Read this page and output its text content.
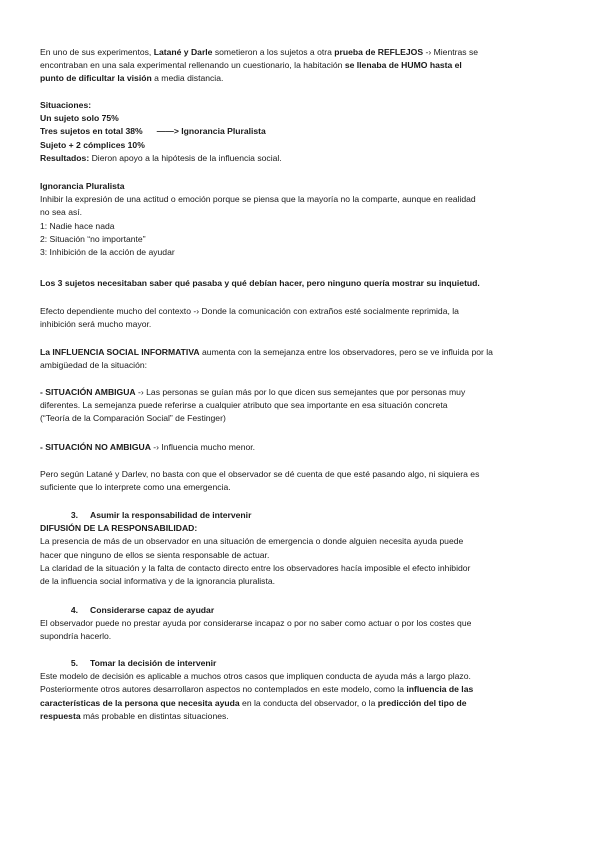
En uno de sus experimentos, Latané y Darle sometieron a los sujetos a otra prueba de REFLEJOS -› Mientras se

encontraban en una sala experimental rellenando un cuestionario, la habitación se llenaba de HUMO hasta el

punto de dificultar la visión a media distancia.

Situaciones:

Un sujeto solo 75%

Tres sujetos en total 38% ——> Ignorancia Pluralista

Sujeto + 2 cómplices 10%

Resultados: Dieron apoyo a la hipótesis de la influencia social.

Ignorancia Pluralista

Inhibir la expresión de una actitud o emoción porque se piensa que la mayoría no la comparte, aunque en realidad

no sea así.

1: Nadie hace nada

2: Situación “no importante”

3: Inhibición de la acción de ayudar

Los 3 sujetos necesitaban saber qué pasaba y qué debían hacer, pero ninguno quería mostrar su inquietud.

Efecto dependiente mucho del contexto -› Donde la comunicación con extraños esté socialmente reprimida, la

inhibición será mucho mayor.

La INFLUENCIA SOCIAL INFORMATIVA aumenta con la semejanza entre los observadores, pero se ve influida por la

ambigüedad de la situación:

- SITUACIÓN AMBIGUA -› Las personas se guían más por lo que dicen sus semejantes que por personas muy

diferentes. La semejanza puede referirse a cualquier atributo que sea importante en esa situación concreta

(“Teoría de la Comparación Social” de Festinger)

- SITUACIÓN NO AMBIGUA -› Influencia mucho menor.

Pero según Latané y Darlev, no basta con que el observador se dé cuenta de que esté pasando algo, ni siquiera es

suficiente que lo interprete como una emergencia.

3. Asumir la responsabilidad de intervenir

DIFUSIÓN DE LA RESPONSABILIDAD:

La presencia de más de un observador en una situación de emergencia o donde alguien necesita ayuda puede

hacer que ninguno de ellos se sienta responsable de actuar.

La claridad de la situación y la falta de contacto directo entre los observadores hacía imposible el efecto inhibidor

de la influencia social informativa y de la ignorancia pluralista.

4. Considerarse capaz de ayudar

El observador puede no prestar ayuda por considerarse incapaz o por no saber como actuar o por los costes que

supondría hacerlo.

5. Tomar la decisión de intervenir

Este modelo de decisión es aplicable a muchos otros casos que impliquen conducta de ayuda más a largo plazo.

Posteriormente otros autores desarrollaron aspectos no contemplados en este modelo, como la influencia de las

características de la persona que necesita ayuda en la conducta del observador, o la predicción del tipo de

respuesta más probable en distintas situaciones.
